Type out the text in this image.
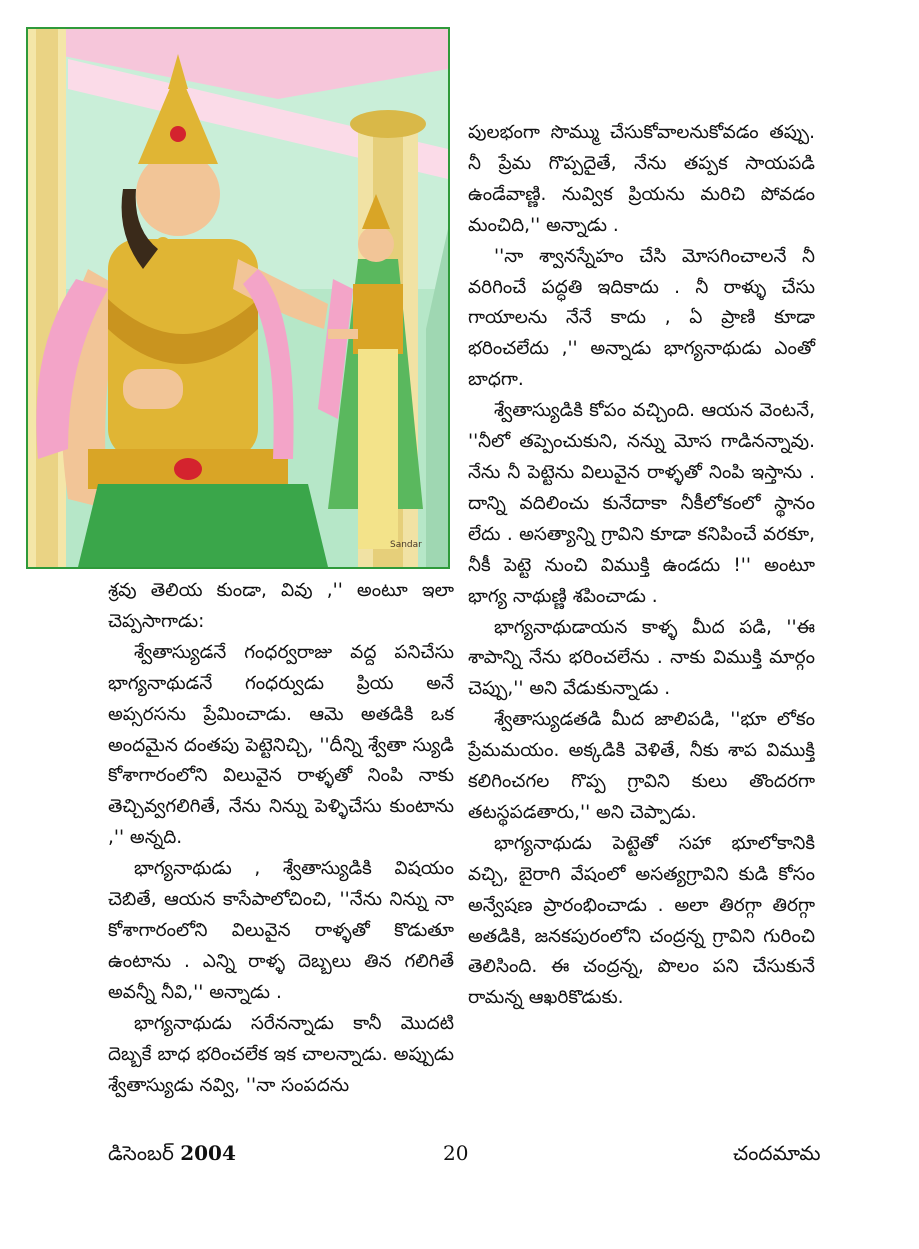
Sandar

శ్రవు తెలియ కుండా, వివు ,'' అంటూ ఇలా చెప్పసాగాడు:

శ్వేతాస్యుడనే గంధర్వరాజు వద్ద పనిచేసు భాగ్యనాథుడనే గంధర్వుడు ప్రియ అనే అప్సరసను ప్రేమించాడు. ఆమె అతడికి ఒక అందమైన దంతపు పెట్టెనిచ్చి, ''దీన్ని శ్వేతా స్యుడి కోశాగారంలోని విలువైన రాళ్ళతో నింపి నాకు తెచ్చివ్వగలిగితే, నేను నిన్ను పెళ్ళిచేసు కుంటాను ,'' అన్నది.

భాగ్యనాథుడు , శ్వేతాస్యుడికి విషయం చెబితే, ఆయన కాసేపాలోచించి, ''నేను నిన్ను నా కోశాగారంలోని విలువైన రాళ్ళతో కొడుతూ ఉంటాను . ఎన్ని రాళ్ళ దెబ్బలు తిన గలిగితే అవన్నీ నీవి,'' అన్నాడు .

భాగ్యనాథుడు సరేనన్నాడు కానీ మొదటి దెబ్బకే బాధ భరించలేక ఇక చాలన్నాడు. అప్పుడు శ్వేతాస్యుడు నవ్వి, ''నా సంపదను

పులభంగా సొమ్ము చేసుకోవాలనుకోవడం తప్పు. నీ ప్రేమ గొప్పదైతే, నేను తప్పక సాయపడి ఉండేవాణ్ణి. నువ్విక ప్రియను మరిచి పోవడం మంచిది,'' అన్నాడు .

''నా శ్వానస్నేహం చేసి మోసగించాలనే నీ వరిగించే పద్ధతి ఇదికాదు . నీ రాళ్ళు చేసు గాయాలను నేనే కాదు , ఏ ప్రాణి కూడా భరించలేదు ,'' అన్నాడు భాగ్యనాథుడు ఎంతో బాధగా.

శ్వేతాస్యుడికి కోపం వచ్చింది. ఆయన వెంటనే, ''నీలో తప్పెంచుకుని, నన్ను మోస గాడినన్నావు. నేను నీ పెట్టెను విలువైన రాళ్ళతో నింపి ఇస్తాను . దాన్ని వదిలించు కునేదాకా నీకీలోకంలో స్థానం లేదు . అసత్యాన్ని గ్రావిని కూడా కనిపించే వరకూ, నీకీ పెట్టె నుంచి విముక్తి ఉండదు !'' అంటూ భాగ్య నాథుణ్ణి శపించాడు .

భాగ్యనాథుడాయన కాళ్ళ మీద పడి, ''ఈ శాపాన్ని నేను భరించలేను . నాకు విముక్తి మార్గం చెప్పు,'' అని వేడుకున్నాడు .

శ్వేతాస్యుడతడి మీద జాలిపడి, ''భూ లోకం ప్రేమమయం. అక్కడికి వెళితే, నీకు శాప విముక్తి కలిగించగల గొప్ప గ్రావిని కులు తొందరగా తటస్థపడతారు,'' అని చెప్పాడు.

భాగ్యనాథుడు పెట్టెతో సహా భూలోకానికి వచ్చి, బైరాగి వేషంలో అసత్యగ్రావిని కుడి కోసం అన్వేషణ ప్రారంభించాడు . అలా తిరగ్గా తిరగ్గా అతడికి, జనకపురంలోని చంద్రన్న గ్రావిని గురించి తెలిసింది. ఈ చంద్రన్న, పొలం పని చేసుకునే రామన్న ఆఖరికొడుకు.

డిసెంబర్ 2004	20	చందమామ
